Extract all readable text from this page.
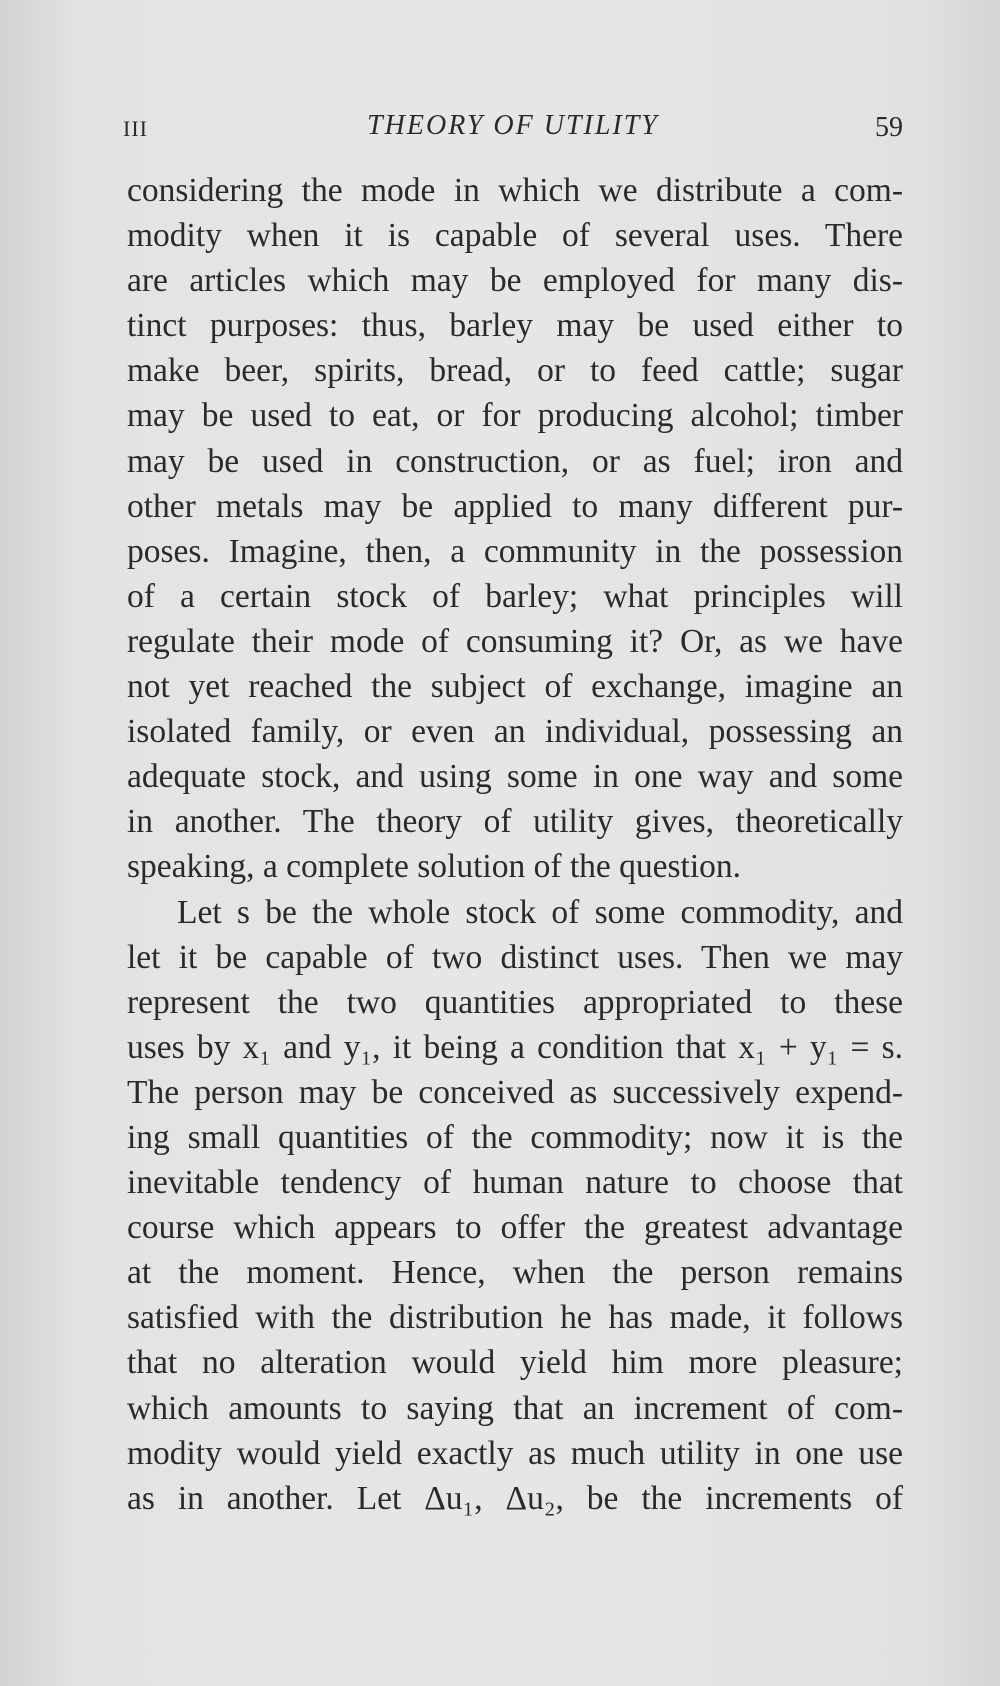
III	THEORY OF UTILITY	59
considering the mode in which we distribute a com-
modity when it is capable of several uses. There
are articles which may be employed for many dis-
tinct purposes: thus, barley may be used either to
make beer, spirits, bread, or to feed cattle; sugar
may be used to eat, or for producing alcohol; timber
may be used in construction, or as fuel; iron and
other metals may be applied to many different pur-
poses. Imagine, then, a community in the possession
of a certain stock of barley; what principles will
regulate their mode of consuming it? Or, as we have
not yet reached the subject of exchange, imagine an
isolated family, or even an individual, possessing an
adequate stock, and using some in one way and some
in another. The theory of utility gives, theoretically
speaking, a complete solution of the question.
Let s be the whole stock of some commodity, and
let it be capable of two distinct uses. Then we may
represent the two quantities appropriated to these
uses by x₁ and y₁, it being a condition that x₁ + y₁ = s.
The person may be conceived as successively expend-
ing small quantities of the commodity; now it is the
inevitable tendency of human nature to choose that
course which appears to offer the greatest advantage
at the moment. Hence, when the person remains
satisfied with the distribution he has made, it follows
that no alteration would yield him more pleasure;
which amounts to saying that an increment of com-
modity would yield exactly as much utility in one use
as in another. Let Δu₁, Δu₂, be the increments of
